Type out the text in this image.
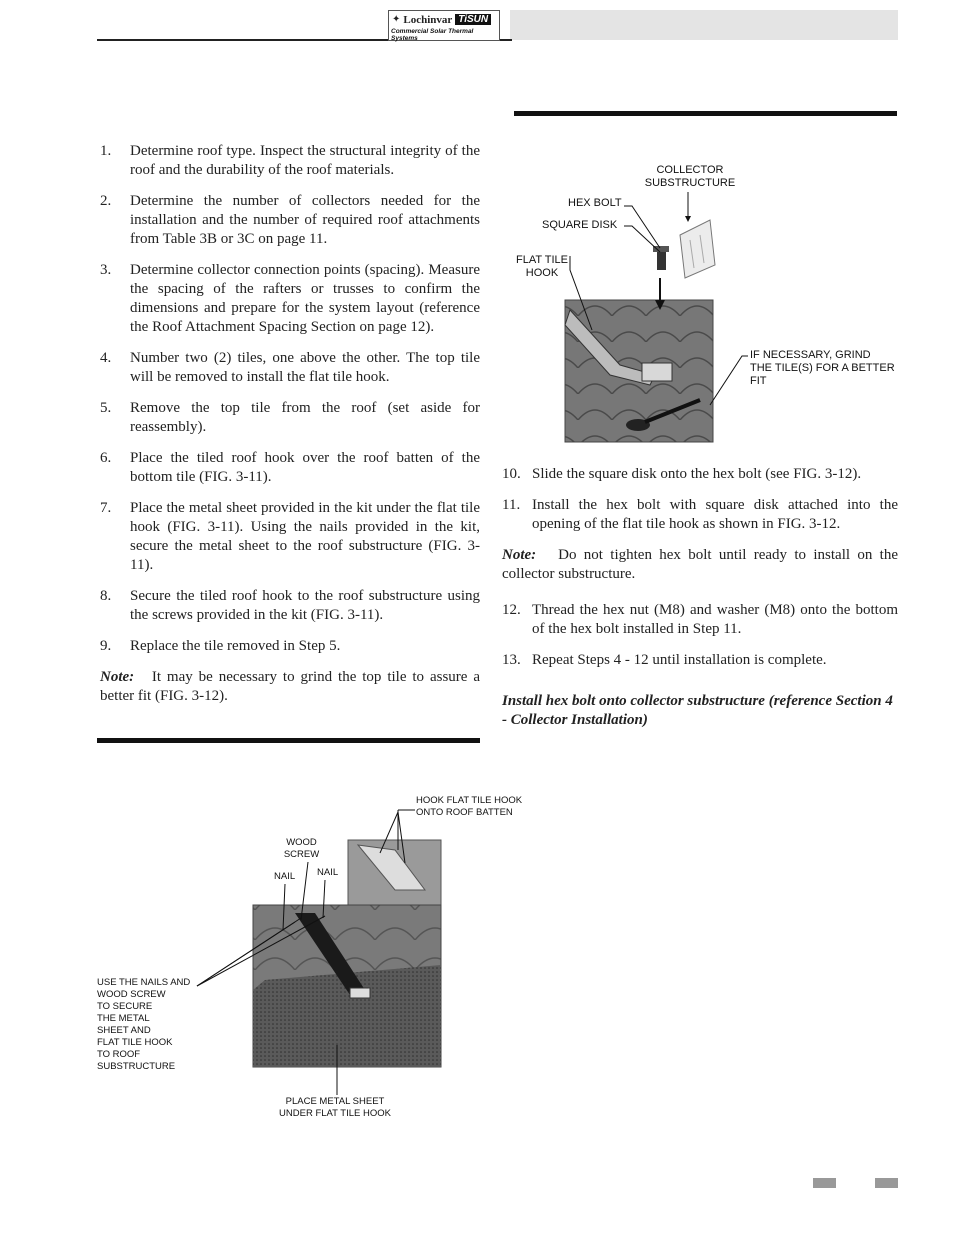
✦ Lochinvar TiSUN
Commercial Solar Thermal Systems
1.	Determine roof type. Inspect the structural integrity of the roof and the durability of the roof materials.
2.	Determine the number of collectors needed for the installation and the number of required roof attachments from Table 3B or 3C on page 11.
3.	Determine collector connection points (spacing). Measure the spacing of the rafters or trusses to confirm the dimensions and prepare for the system layout (reference the Roof Attachment Spacing Section on page 12).
4.	Number two (2) tiles, one above the other. The top tile will be removed to install the flat tile hook.
5.	Remove the top tile from the roof (set aside for reassembly).
6.	Place the tiled roof hook over the roof batten of the bottom tile (FIG. 3-11).
7.	Place the metal sheet provided in the kit under the flat tile hook (FIG. 3-11). Using the nails provided in the kit, secure the metal sheet to the roof substructure (FIG. 3-11).
8.	Secure the tiled roof hook to the roof substructure using the screws provided in the kit (FIG. 3-11).
9.	Replace the tile removed in Step 5.

Note: It may be necessary to grind the top tile to assure a better fit (FIG. 3-12).

COLLECTOR
SUBSTRUCTURE
HEX BOLT
SQUARE DISK
FLAT TILE
HOOK
IF NECESSARY, GRIND
THE TILE(S) FOR A BETTER
FIT
10. Slide the square disk onto the hex bolt (see FIG. 3-12).
11. Install the hex bolt with square disk attached into the opening of the flat tile hook as shown in FIG. 3-12.

Note: Do not tighten hex bolt until ready to install on the collector substructure.

12. Thread the hex nut (M8) and washer (M8) onto the bottom of the hex bolt installed in Step 11.
13. Repeat Steps 4 - 12 until installation is complete.

Install hex bolt onto collector substructure (reference Section 4 - Collector Installation)

HOOK FLAT TILE HOOK
ONTO ROOF BATTEN
WOOD
SCREW
NAIL NAIL
USE THE NAILS AND
WOOD SCREW
TO SECURE
THE METAL
SHEET AND
FLAT TILE HOOK
TO ROOF
SUBSTRUCTURE
PLACE METAL SHEET
UNDER FLAT TILE HOOK
